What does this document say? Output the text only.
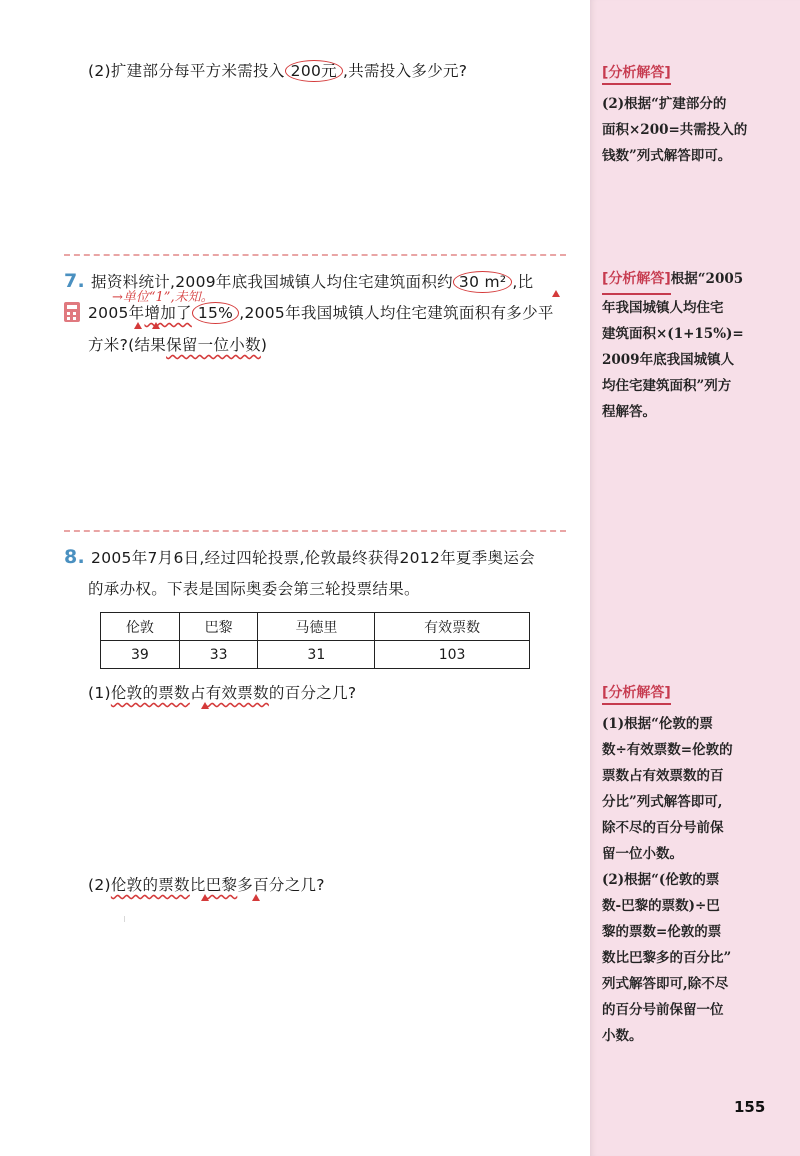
(2)扩建部分每平方米需投入 200元 ,共需投入多少元?
7. 据资料统计,2009年底我国城镇人均住宅建筑面积约 30 m² ,比
→单位“1”,未知。
2005年增加了 15% ,2005年我国城镇人均住宅建筑面积有多少平
方米?(结果保留一位小数)
8. 2005年7月6日,经过四轮投票,伦敦最终获得2012年夏季奥运会
的承办权。下表是国际奥委会第三轮投票结果。
伦敦	巴黎	马德里	有效票数
39	33	31	103
(1)伦敦的票数占有效票数的百分之几?
(2)伦敦的票数比巴黎多百分之几?
[分析解答]
(2)根据“扩建部分的
面积×200=共需投入的
钱数”列式解答即可。
[分析解答]根据“2005
年我国城镇人均住宅
建筑面积×(1+15%)=
2009年底我国城镇人
均住宅建筑面积”列方
程解答。
[分析解答]
(1)根据“伦敦的票
数÷有效票数=伦敦的
票数占有效票数的百
分比”列式解答即可,
除不尽的百分号前保
留一位小数。
(2)根据“(伦敦的票
数-巴黎的票数)÷巴
黎的票数=伦敦的票
数比巴黎多的百分比”
列式解答即可,除不尽
的百分号前保留一位
小数。
155
